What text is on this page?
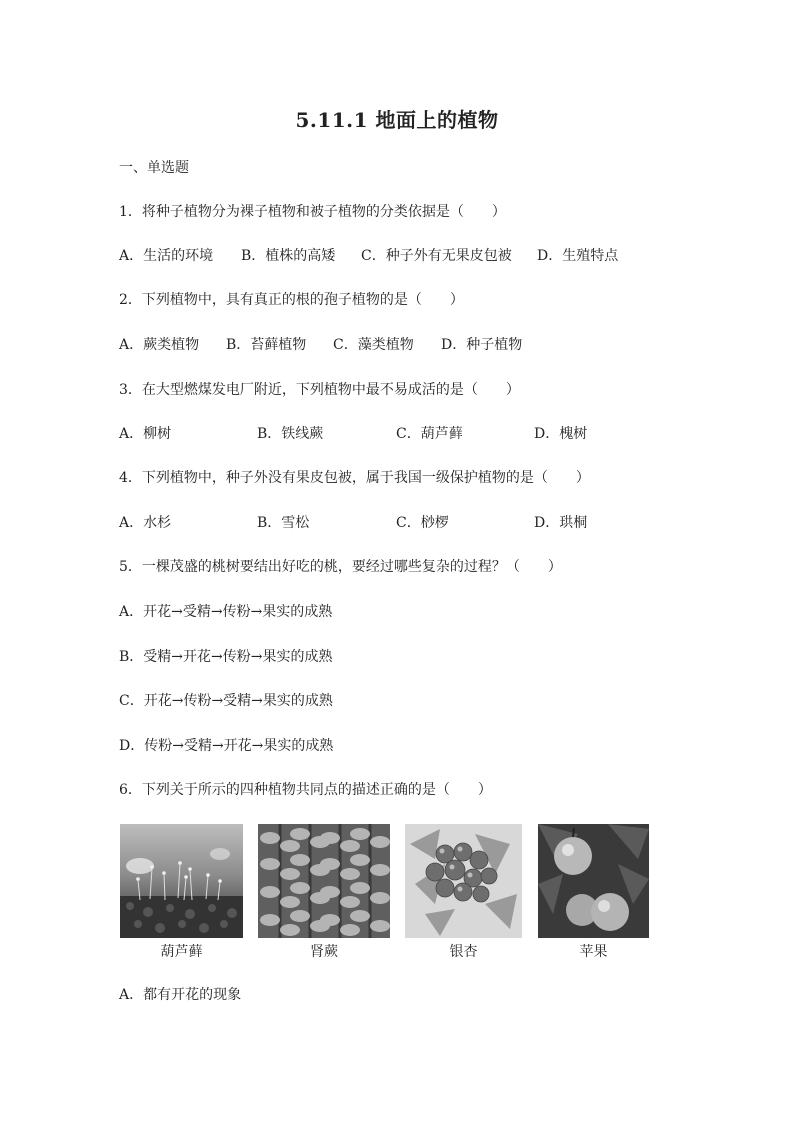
5.11.1 地面上的植物
一、单选题
1．将种子植物分为裸子植物和被子植物的分类依据是（　　）
A．生活的环境 B．植株的高矮 C．种子外有无果皮包被 D．生殖特点
2．下列植物中，具有真正的根的孢子植物的是（　　）
A．蕨类植物 B．苔藓植物 C．藻类植物 D．种子植物
3．在大型燃煤发电厂附近，下列植物中最不易成活的是（　　）
A．柳树	B．铁线蕨	C．葫芦藓	D．槐树
4．下列植物中，种子外没有果皮包被，属于我国一级保护植物的是（　　）
A．水杉	B．雪松	C．桫椤	D．珙桐
5．一棵茂盛的桃树要结出好吃的桃，要经过哪些复杂的过程？（　　）
A．开花→受精→传粉→果实的成熟
B．受精→开花→传粉→果实的成熟
C．开花→传粉→受精→果实的成熟
D．传粉→受精→开花→果实的成熟
6．下列关于所示的四种植物共同点的描述正确的是（　　）
葫芦藓	肾蕨	银杏	苹果
A．都有开花的现象
